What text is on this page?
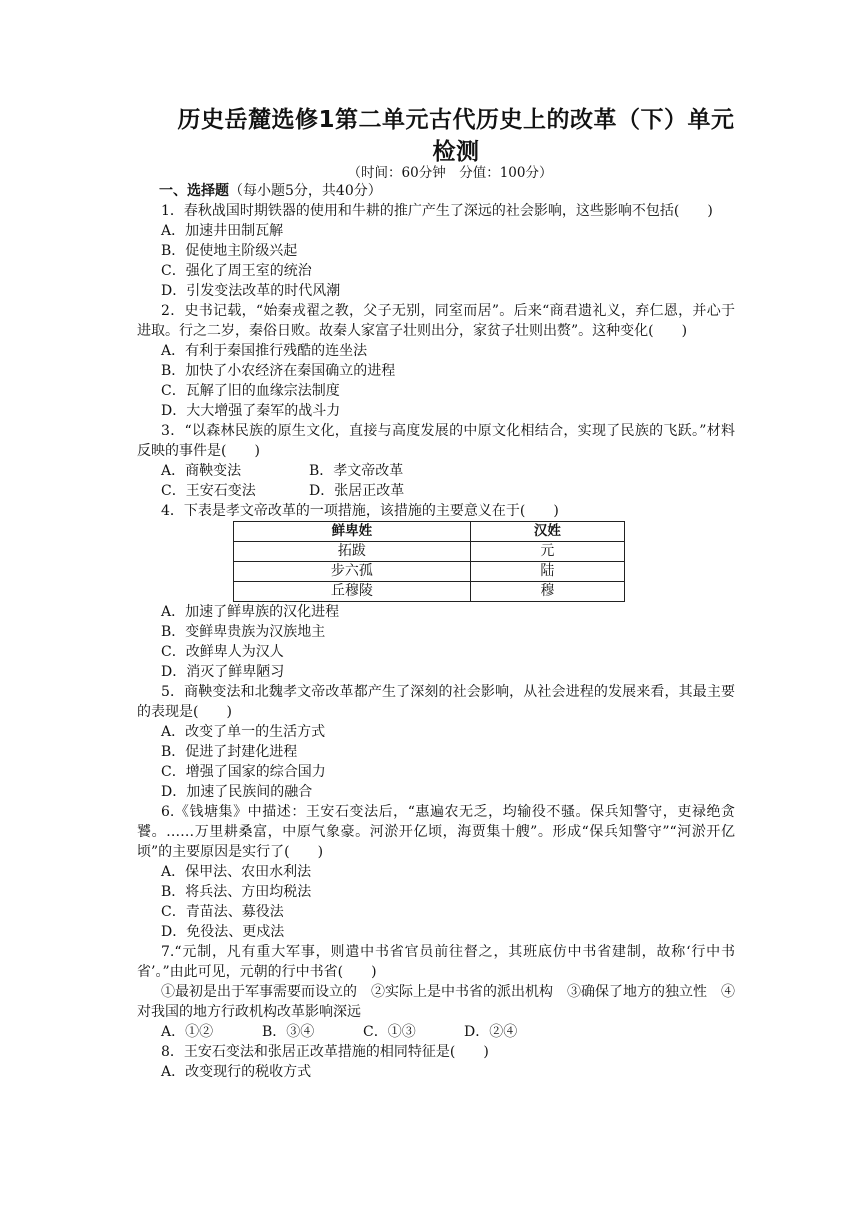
历史岳麓选修1第二单元古代历史上的改革（下）单元检测
（时间：60分钟　分值：100分）
一、选择题（每小题5分，共40分）
1．春秋战国时期铁器的使用和牛耕的推广产生了深远的社会影响，这些影响不包括(　　)
A．加速井田制瓦解
B．促使地主阶级兴起
C．强化了周王室的统治
D．引发变法改革的时代风潮
2．史书记载，“始秦戎翟之教，父子无别，同室而居”。后来“商君遗礼义，弃仁恩，并心于进取。行之二岁，秦俗日败。故秦人家富子壮则出分，家贫子壮则出赘”。这种变化(　　)
A．有利于秦国推行残酷的连坐法
B．加快了小农经济在秦国确立的进程
C．瓦解了旧的血缘宗法制度
D．大大增强了秦军的战斗力
3．“以森林民族的原生文化，直接与高度发展的中原文化相结合，实现了民族的飞跃。”材料反映的事件是(　　)
A．商鞅变法	B．孝文帝改革
C．王安石变法	D．张居正改革
4．下表是孝文帝改革的一项措施，该措施的主要意义在于(　　)
鲜卑姓	汉姓
拓跋	元
步六孤	陆
丘穆陵	穆
A．加速了鲜卑族的汉化进程
B．变鲜卑贵族为汉族地主
C．改鲜卑人为汉人
D．消灭了鲜卑陋习
5．商鞅变法和北魏孝文帝改革都产生了深刻的社会影响，从社会进程的发展来看，其最主要的表现是(　　)
A．改变了单一的生活方式
B．促进了封建化进程
C．增强了国家的综合国力
D．加速了民族间的融合
6.《钱塘集》中描述：王安石变法后，“惠遍农无乏，均输役不骚。保兵知警守，吏禄绝贪饕。……万里耕桑富，中原气象豪。河淤开亿顷，海贾集十艘”。形成“保兵知警守”“河淤开亿顷”的主要原因是实行了(　　)
A．保甲法、农田水利法
B．将兵法、方田均税法
C．青苗法、募役法
D．免役法、更戍法
7.“元制，凡有重大军事，则遣中书省官员前往督之，其班底仿中书省建制，故称‘行中书省’。”由此可见，元朝的行中书省(　　)
①最初是出于军事需要而设立的　②实际上是中书省的派出机构　③确保了地方的独立性　④对我国的地方行政机构改革影响深远
A．①②	B．③④	C．①③	D．②④
8．王安石变法和张居正改革措施的相同特征是(　　)
A．改变现行的税收方式
